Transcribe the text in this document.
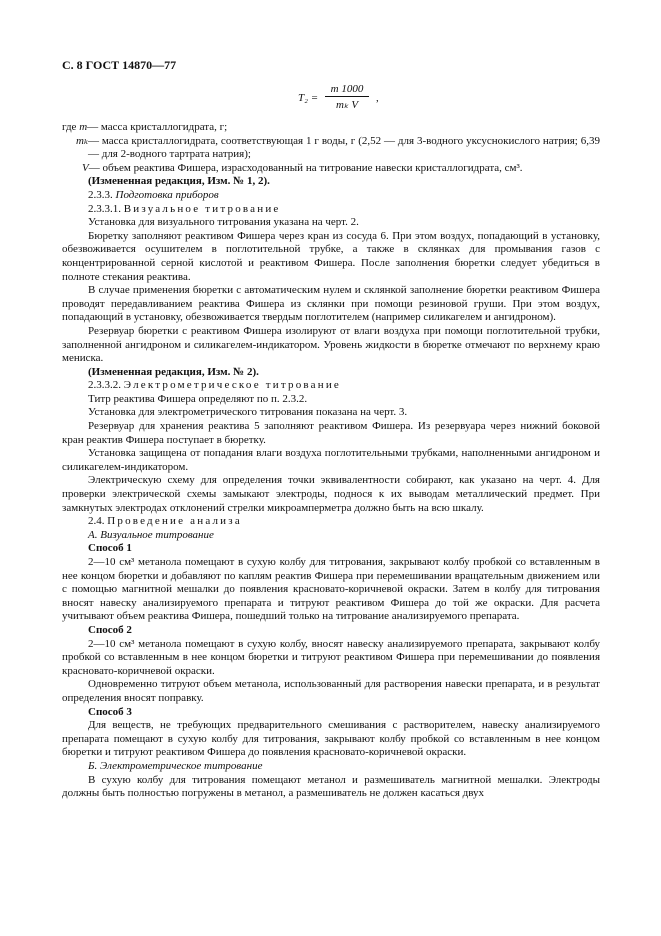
С. 8 ГОСТ 14870—77
T₂ =
m 1000
mₖ V
,
где m — масса кристаллогидрата, г;
mₖ — масса кристаллогидрата, соответствующая 1 г воды, г (2,52 — для 3-водного уксуснокислого натрия; 6,39 — для 2-водного тартрата натрия);
V — объем реактива Фишера, израсходованный на титрование навески кристаллогидрата, см³.

(Измененная редакция, Изм. № 1, 2).

2.3.3. Подготовка приборов

2.3.3.1. Визуальное титрование

Установка для визуального титрования указана на черт. 2.

Бюретку заполняют реактивом Фишера через кран из сосуда 6. При этом воздух, попадающий в установку, обезвоживается осушителем в поглотительной трубке, а также в склянках для промывания газов с концентрированной серной кислотой и реактивом Фишера. После заполнения бюретки следует убедиться в полноте стекания реактива.

В случае применения бюретки с автоматическим нулем и склянкой заполнение бюретки реактивом Фишера проводят передавливанием реактива Фишера из склянки при помощи резиновой груши. При этом воздух, попадающий в установку, обезвоживается твердым поглотителем (например силикагелем и ангидроном).

Резервуар бюретки с реактивом Фишера изолируют от влаги воздуха при помощи поглотительной трубки, заполненной ангидроном и силикагелем-индикатором. Уровень жидкости в бюретке отмечают по верхнему краю мениска.

(Измененная редакция, Изм. № 2).

2.3.3.2. Электрометрическое титрование

Титр реактива Фишера определяют по п. 2.3.2.

Установка для электрометрического титрования показана на черт. 3.

Резервуар для хранения реактива 5 заполняют реактивом Фишера. Из резервуара через нижний боковой кран реактив Фишера поступает в бюретку.

Установка защищена от попадания влаги воздуха поглотительными трубками, наполненными ангидроном и силикагелем-индикатором.

Электрическую схему для определения точки эквивалентности собирают, как указано на черт. 4. Для проверки электрической схемы замыкают электроды, поднося к их выводам металлический предмет. При замкнутых электродах отклонений стрелки микроамперметра должно быть на всю шкалу.

2.4. Проведение анализа

А. Визуальное титрование

Способ 1

2—10 см³ метанола помещают в сухую колбу для титрования, закрывают колбу пробкой со вставленным в нее концом бюретки и добавляют по каплям реактив Фишера при перемешивании вращательным движением или с помощью магнитной мешалки до появления красновато-коричневой окраски. Затем в колбу для титрования вносят навеску анализируемого препарата и титруют реактивом Фишера до той же окраски. Для расчета учитывают объем реактива Фишера, пошедший только на титрование анализируемого препарата.

Способ 2

2—10 см³ метанола помещают в сухую колбу, вносят навеску анализируемого препарата, закрывают колбу пробкой со вставленным в нее концом бюретки и титруют реактивом Фишера при перемешивании до появления красновато-коричневой окраски.

Одновременно титруют объем метанола, использованный для растворения навески препарата, и в результат определения вносят поправку.

Способ 3

Для веществ, не требующих предварительного смешивания с растворителем, навеску анализируемого препарата помещают в сухую колбу для титрования, закрывают колбу пробкой со вставленным в нее концом бюретки и титруют реактивом Фишера до появления красновато-коричневой окраски.

Б. Электрометрическое титрование

В сухую колбу для титрования помещают метанол и размешиватель магнитной мешалки. Электроды должны быть полностью погружены в метанол, а размешиватель не должен касаться двух
